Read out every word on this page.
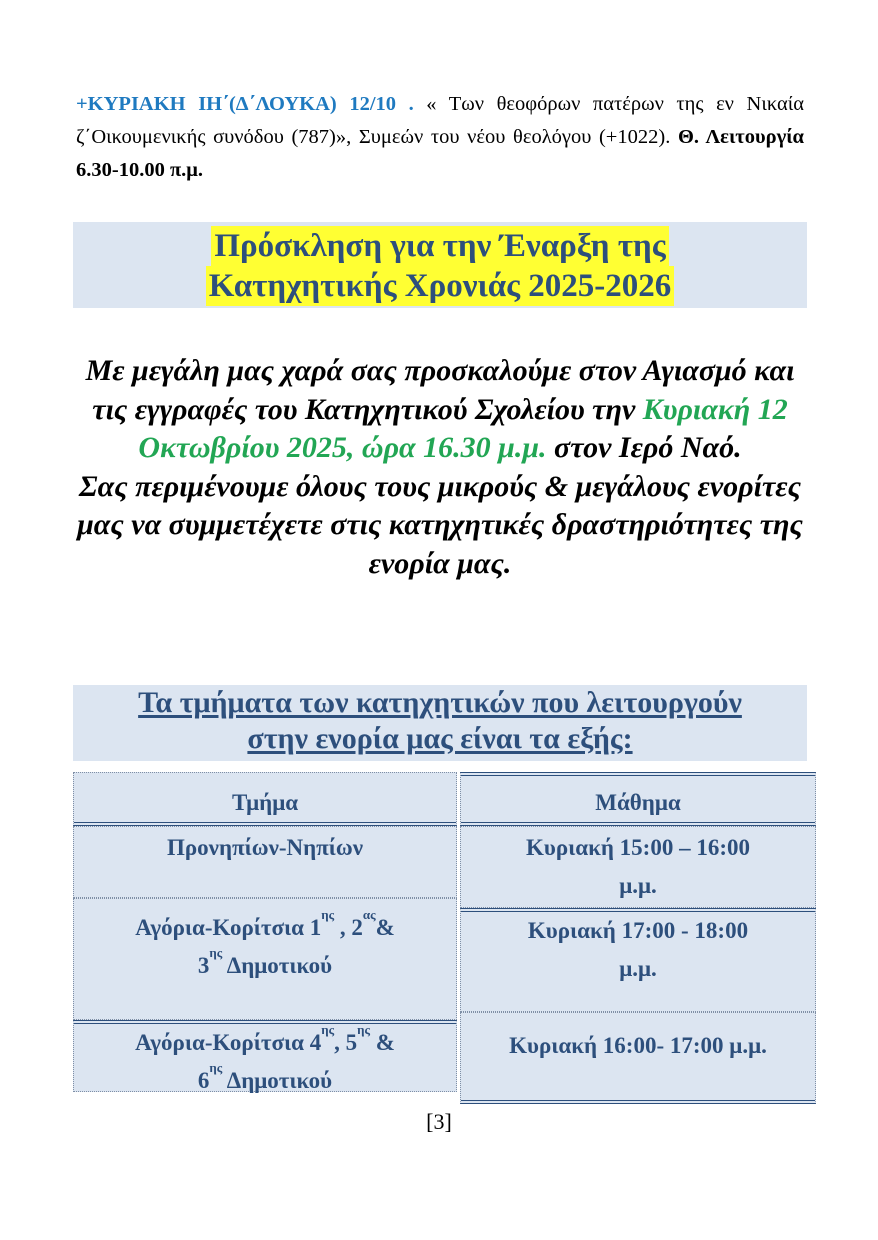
+ΚΥΡΙΑΚΗ ΙΗ΄(Δ΄ΛΟΥΚΑ) 12/10 . « Των θεοφόρων πατέρων της εν Νικαία ζ΄Οικουμενικής συνόδου (787)», Συμεών του νέου θεολόγου (+1022). Θ. Λειτουργία 6.30-10.00 π.μ.
Πρόσκληση για την Έναρξη της
Κατηχητικής Χρονιάς 2025-2026
Με μεγάλη μας χαρά σας προσκαλούμε στον Αγιασμό και τις εγγραφές του Κατηχητικού Σχολείου την Κυριακή 12 Οκτωβρίου 2025, ώρα 16.30 μ.μ. στον Ιερό Ναό.
Σας περιμένουμε όλους τους μικρούς & μεγάλους ενορίτες μας να συμμετέχετε στις κατηχητικές δραστηριότητες της ενορία μας.
Τα τμήματα των κατηχητικών που λειτουργούν
στην ενορία μας είναι τα εξής:
Τμήμα
Προνηπίων-Νηπίων
Αγόρια-Κορίτσια $1^{\eta\varsigma}$ , $2^{\alpha\varsigma}\&$
$3^{\eta\varsigma}$ Δημοτικού
Αγόρια-Κορίτσια $4^{\eta\varsigma}$, $5^{\eta\varsigma}$ &
$6^{\eta\varsigma}$ Δημοτικού
Μάθημα
Κυριακή 15:00 – 16:00
μ.μ.
Κυριακή 17:00 - 18:00
μ.μ.
Κυριακή 16:00- 17:00 μ.μ.
[3]
